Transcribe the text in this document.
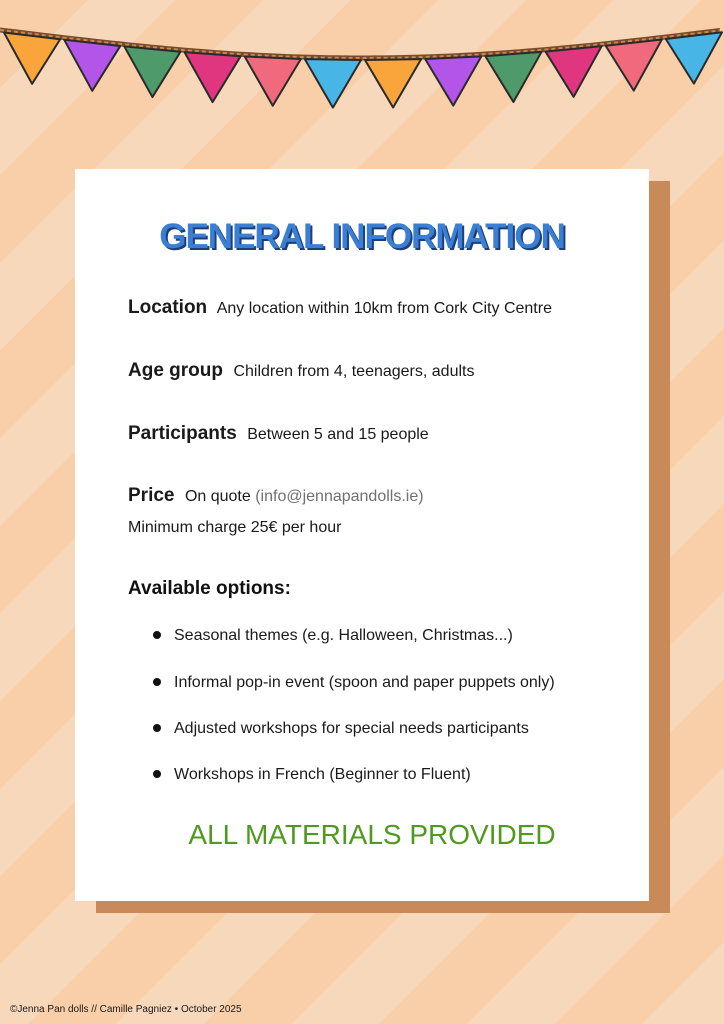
GENERAL INFORMATION
Location Any location within 10km from Cork City Centre
Age group Children from 4, teenagers, adults
Participants Between 5 and 15 people
Price On quote (info@jennapandolls.ie)
Minimum charge 25€ per hour
Available options:
Seasonal themes (e.g. Halloween, Christmas...)
Informal pop-in event (spoon and paper puppets only)
Adjusted workshops for special needs participants
Workshops in French (Beginner to Fluent)
ALL MATERIALS PROVIDED
©Jenna Pan dolls // Camille Pagniez • October 2025
